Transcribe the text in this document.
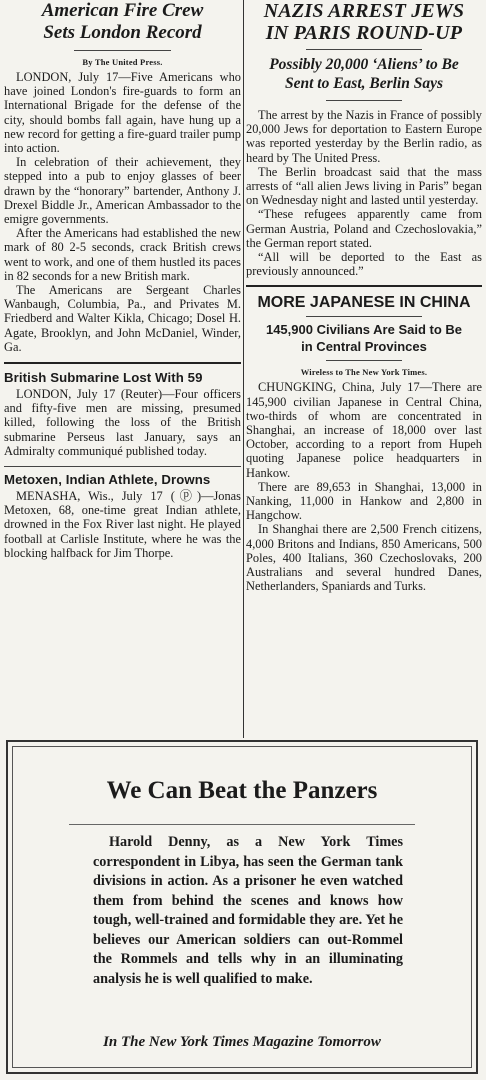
American Fire Crew

Sets London Record

By The United Press.

LONDON, July 17—Five Americans who have joined London's fire-guards to form an International Brigade for the defense of the city, should bombs fall again, have hung up a new record for getting a fire-guard trailer pump into action.

In celebration of their achievement, they stepped into a pub to enjoy glasses of beer drawn by the “honorary” bartender, Anthony J. Drexel Biddle Jr., American Ambassador to the emigre governments.

After the Americans had established the new mark of 80 2-5 seconds, crack British crews went to work, and one of them hustled its paces in 82 seconds for a new British mark.

The Americans are Sergeant Charles Wanbaugh, Columbia, Pa., and Privates M. Friedberd and Walter Kikla, Chicago; Dosel H. Agate, Brooklyn, and John McDaniel, Winder, Ga.

British Submarine Lost With 59

LONDON, July 17 (Reuter)—Four officers and fifty-five men are missing, presumed killed, following the loss of the British submarine Perseus last January, says an Admiralty communiqué published today.

Metoxen, Indian Athlete, Drowns

MENASHA, Wis., July 17 (ⓟ)—Jonas Metoxen, 68, one-time great Indian athlete, drowned in the Fox River last night. He played football at Carlisle Institute, where he was the blocking halfback for Jim Thorpe.

NAZIS ARREST JEWS

IN PARIS ROUND-UP

Possibly 20,000 ‘Aliens’ to Be

Sent to East, Berlin Says

The arrest by the Nazis in France of possibly 20,000 Jews for deportation to Eastern Europe was reported yesterday by the Berlin radio, as heard by The United Press.

The Berlin broadcast said that the mass arrests of “all alien Jews living in Paris” began on Wednesday night and lasted until yesterday.

“These refugees apparently came from German Austria, Poland and Czechoslovakia,” the German report stated.

“All will be deported to the East as previously announced.”

MORE JAPANESE IN CHINA

145,900 Civilians Are Said to Be

in Central Provinces

Wireless to The New York Times.

CHUNGKING, China, July 17—There are 145,900 civilian Japanese in Central China, two-thirds of whom are concentrated in Shanghai, an increase of 18,000 over last October, according to a report from Hupeh quoting Japanese police headquarters in Hankow.

There are 89,653 in Shanghai, 13,000 in Nanking, 11,000 in Hankow and 2,800 in Hangchow.

In Shanghai there are 2,500 French citizens, 4,000 Britons and Indians, 850 Americans, 500 Poles, 400 Italians, 360 Czechoslovaks, 200 Australians and several hundred Danes, Netherlanders, Spaniards and Turks.

We Can Beat the Panzers

Harold Denny, as a New York Times correspondent in Libya, has seen the German tank divisions in action. As a prisoner he even watched them from behind the scenes and knows how tough, well-trained and formidable they are. Yet he believes our American soldiers can out-Rommel the Rommels and tells why in an illuminating analysis he is well qualified to make.

In The New York Times Magazine Tomorrow
